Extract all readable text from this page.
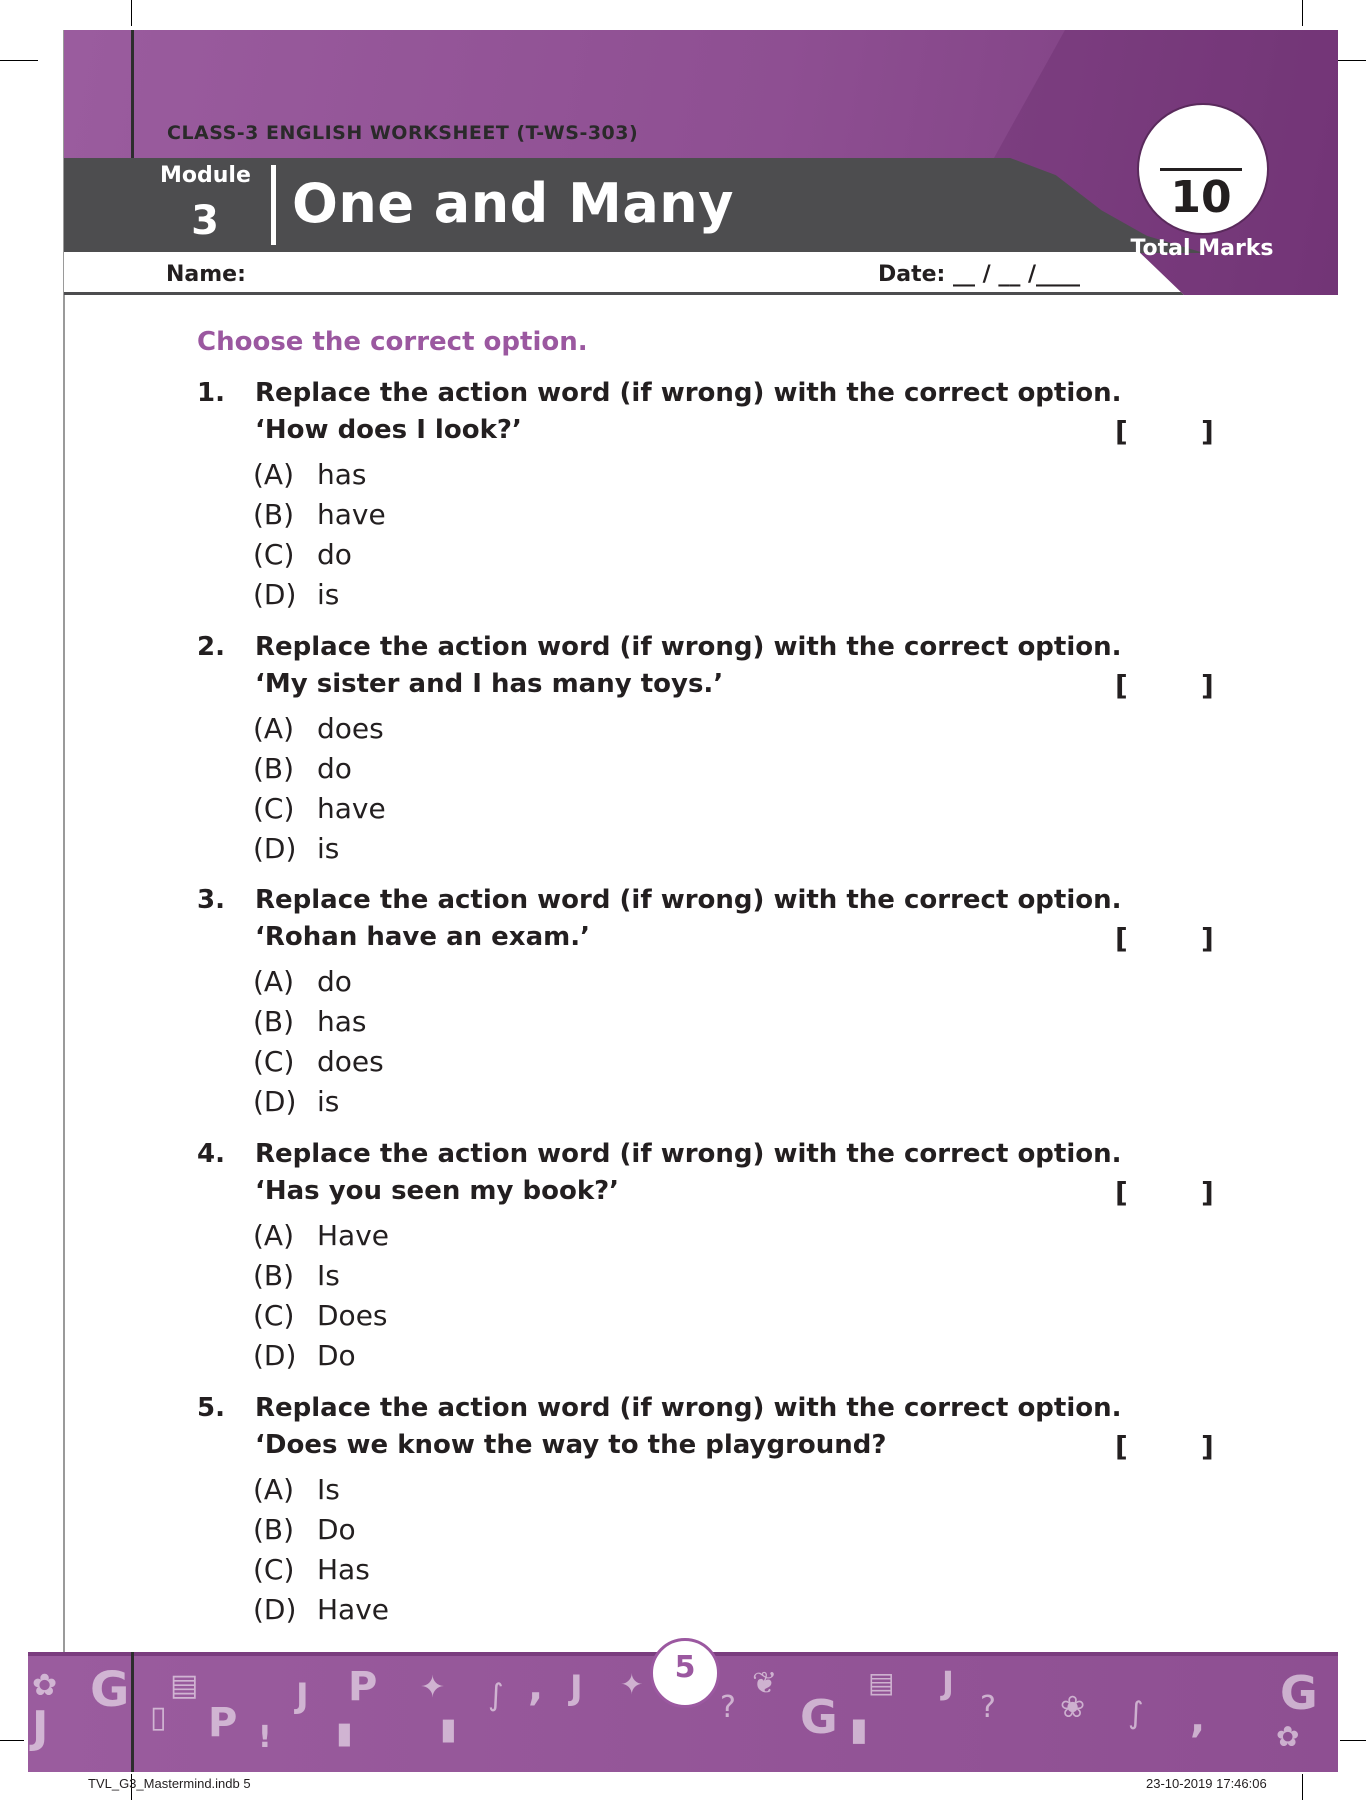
CLASS-3 ENGLISH WORKSHEET (T-WS-303)
Module
3	One and Many
Name:	Date: __ / __ /____
10
Total Marks
Choose the correct option.
1. Replace the action word (if wrong) with the correct option.
‘How does I look?’	[	]
(A) has
(B) have
(C) do
(D) is
2. Replace the action word (if wrong) with the correct option.
‘My sister and I has many toys.’	[	]
(A) does
(B) do
(C) have
(D) is
3. Replace the action word (if wrong) with the correct option.
‘Rohan have an exam.’	[	]
(A) do
(B) has
(C) does
(D) is
4. Replace the action word (if wrong) with the correct option.
‘Has you seen my book?’	[	]
(A) Have
(B) Is
(C) Does
(D) Do
5. Replace the action word (if wrong) with the correct option.
‘Does we know the way to the playground?	[	]
(A) Is
(B) Do
(C) Has
(D) Have
✿
J
G ▯
▤
P !
J P
▮
✦
▮
∫ , J ✦
?
❦
G ▮
▤ J
? ❀ ∫ , G
✿
5
TVL_G3_Mastermind.indb 5	23-10-2019 17:46:06
